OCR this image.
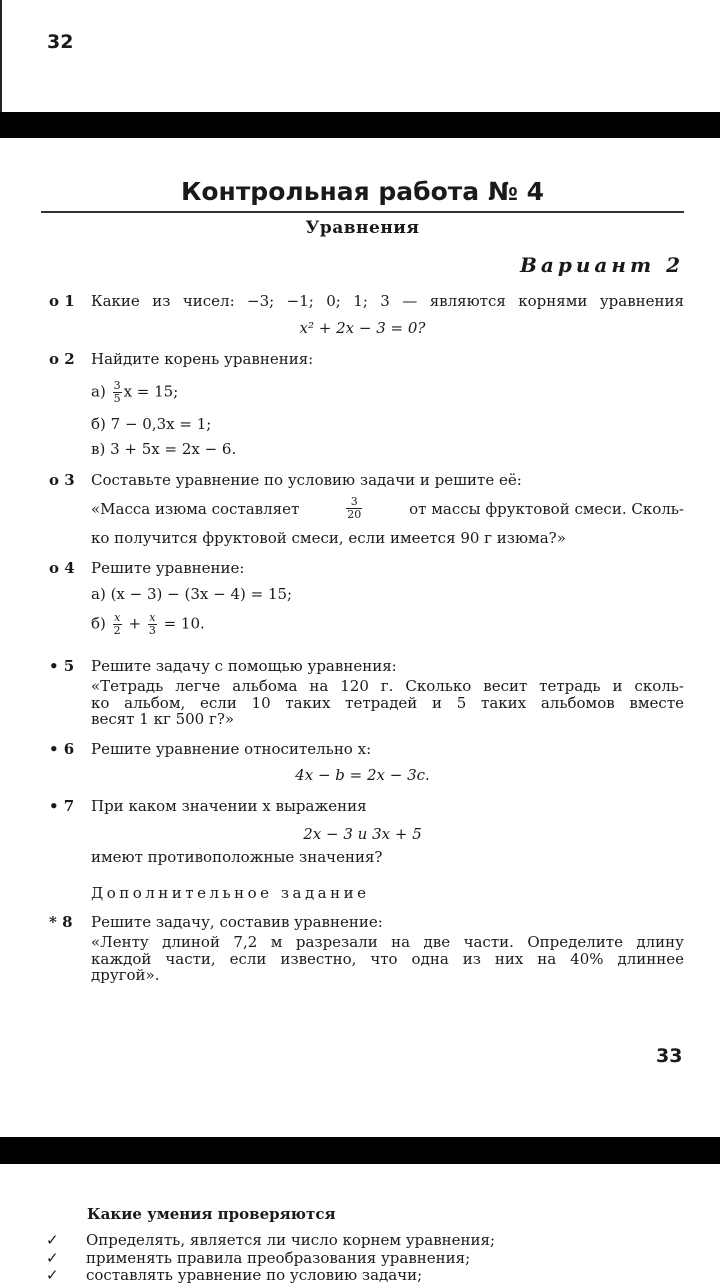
32
Контрольная работа № 4
Уравнения
Вариант 2
о 1 Какие из чисел: −3; −1; 0; 1; 3 — являются корнями уравнения
x² + 2x − 3 = 0?
о 2 Найдите корень уравнения:
$а) \frac{3}{5}$ x = 15;
б) 7 − 0,3x = 1;
в) 3 + 5x = 2x − 6.
о 3 Составьте уравнение по условию задачи и решите её:
«Масса изюма составляет	$\frac{3}{20}$	от массы фруктовой смеси. Сколь-
ко получится фруктовой смеси, если имеется 90 г изюма?»
о 4 Решите уравнение:
а) (x − 3) − (3x − 4) = 15;
$б) \frac{x}{2} + \frac{x}{3} = 10$.
• 5	Решите задачу с помощью уравнения:
«Тетрадь легче альбома на 120 г. Сколько весит тетрадь и сколь-
ко альбом, если 10 таких тетрадей и 5 таких альбомов вместе
весят 1 кг 500 г?»
• 6	Решите уравнение относительно x:
4x − b = 2x − 3c.
• 7	При каком значении x выражения
2x − 3 и 3x + 5
имеют противоположные значения?
Дополнительное задание
* 8	Решите задачу, составив уравнение:
«Ленту длиной 7,2 м разрезали на две части. Определите длину
каждой части, если известно, что одна из них на 40% длиннее
другой».
33
Какие умения проверяются
✓ Определять, является ли число корнем уравнения;
✓ применять правила преобразования уравнения;
✓ составлять уравнение по условию задачи;
